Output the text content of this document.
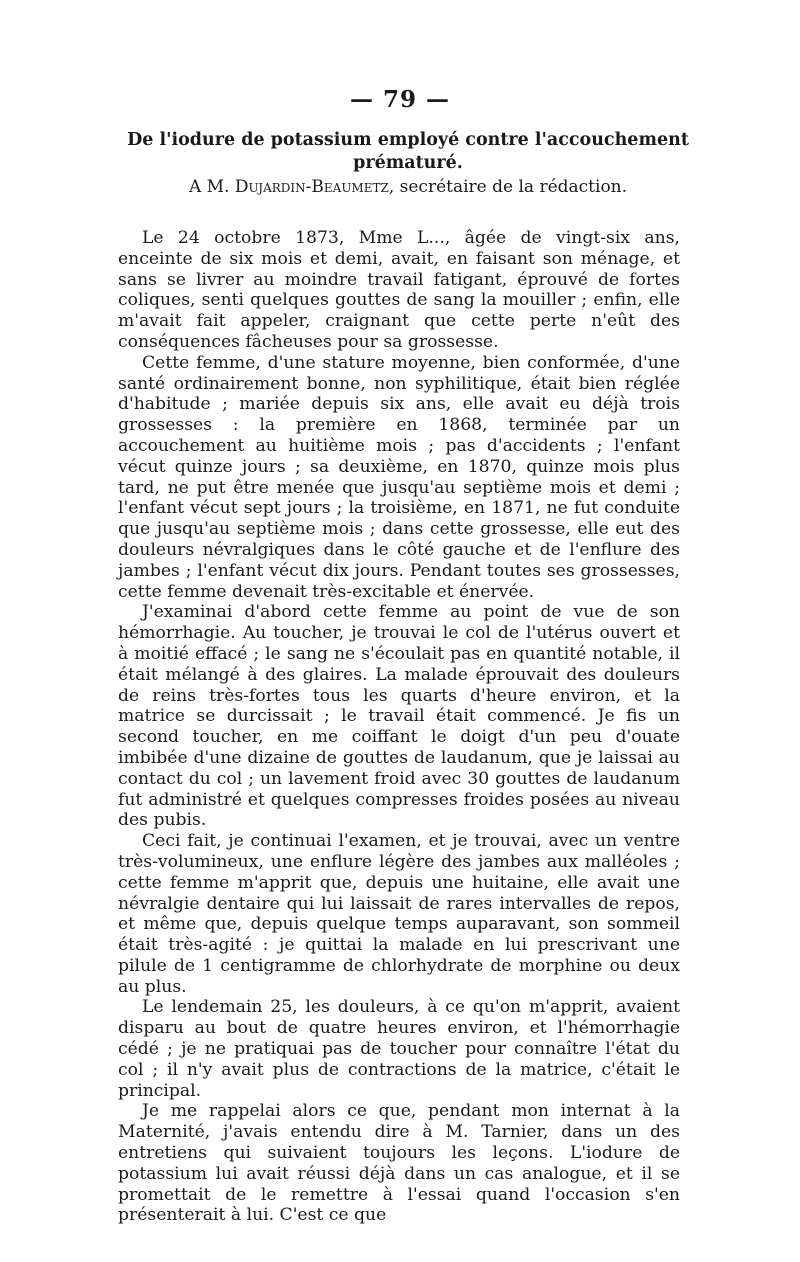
— 79 —
De l'iodure de potassium employé contre l'accouchement prématuré.
A M. Dujardin-Beaumetz, secrétaire de la rédaction.

Le 24 octobre 1873, Mme L..., âgée de vingt-six ans, enceinte de six mois et demi, avait, en faisant son ménage, et sans se livrer au moindre travail fatigant, éprouvé de fortes coliques, senti quelques gouttes de sang la mouiller ; enfin, elle m'avait fait appeler, craignant que cette perte n'eût des conséquences fâcheuses pour sa grossesse.

Cette femme, d'une stature moyenne, bien conformée, d'une santé ordinairement bonne, non syphilitique, était bien réglée d'habitude ; mariée depuis six ans, elle avait eu déjà trois grossesses : la première en 1868, terminée par un accouchement au huitième mois ; pas d'accidents ; l'enfant vécut quinze jours ; sa deuxième, en 1870, quinze mois plus tard, ne put être menée que jusqu'au septième mois et demi ; l'enfant vécut sept jours ; la troisième, en 1871, ne fut conduite que jusqu'au septième mois ; dans cette grossesse, elle eut des douleurs névralgiques dans le côté gauche et de l'enflure des jambes ; l'enfant vécut dix jours. Pendant toutes ses grossesses, cette femme devenait très-excitable et énervée.

J'examinai d'abord cette femme au point de vue de son hémorrhagie. Au toucher, je trouvai le col de l'utérus ouvert et à moitié effacé ; le sang ne s'écoulait pas en quantité notable, il était mélangé à des glaires. La malade éprouvait des douleurs de reins très-fortes tous les quarts d'heure environ, et la matrice se durcissait ; le travail était commencé. Je fis un second toucher, en me coiffant le doigt d'un peu d'ouate imbibée d'une dizaine de gouttes de laudanum, que je laissai au contact du col ; un lavement froid avec 30 gouttes de laudanum fut administré et quelques compresses froides posées au niveau des pubis.

Ceci fait, je continuai l'examen, et je trouvai, avec un ventre très-volumineux, une enflure légère des jambes aux malléoles ; cette femme m'apprit que, depuis une huitaine, elle avait une névralgie dentaire qui lui laissait de rares intervalles de repos, et même que, depuis quelque temps auparavant, son sommeil était très-agité : je quittai la malade en lui prescrivant une pilule de 1 centigramme de chlorhydrate de morphine ou deux au plus.

Le lendemain 25, les douleurs, à ce qu'on m'apprit, avaient disparu au bout de quatre heures environ, et l'hémorrhagie cédé ; je ne pratiquai pas de toucher pour connaître l'état du col ; il n'y avait plus de contractions de la matrice, c'était le principal.

Je me rappelai alors ce que, pendant mon internat à la Maternité, j'avais entendu dire à M. Tarnier, dans un des entretiens qui suivaient toujours les leçons. L'iodure de potassium lui avait réussi déjà dans un cas analogue, et il se promettait de le remettre à l'essai quand l'occasion s'en présenterait à lui. C'est ce que
